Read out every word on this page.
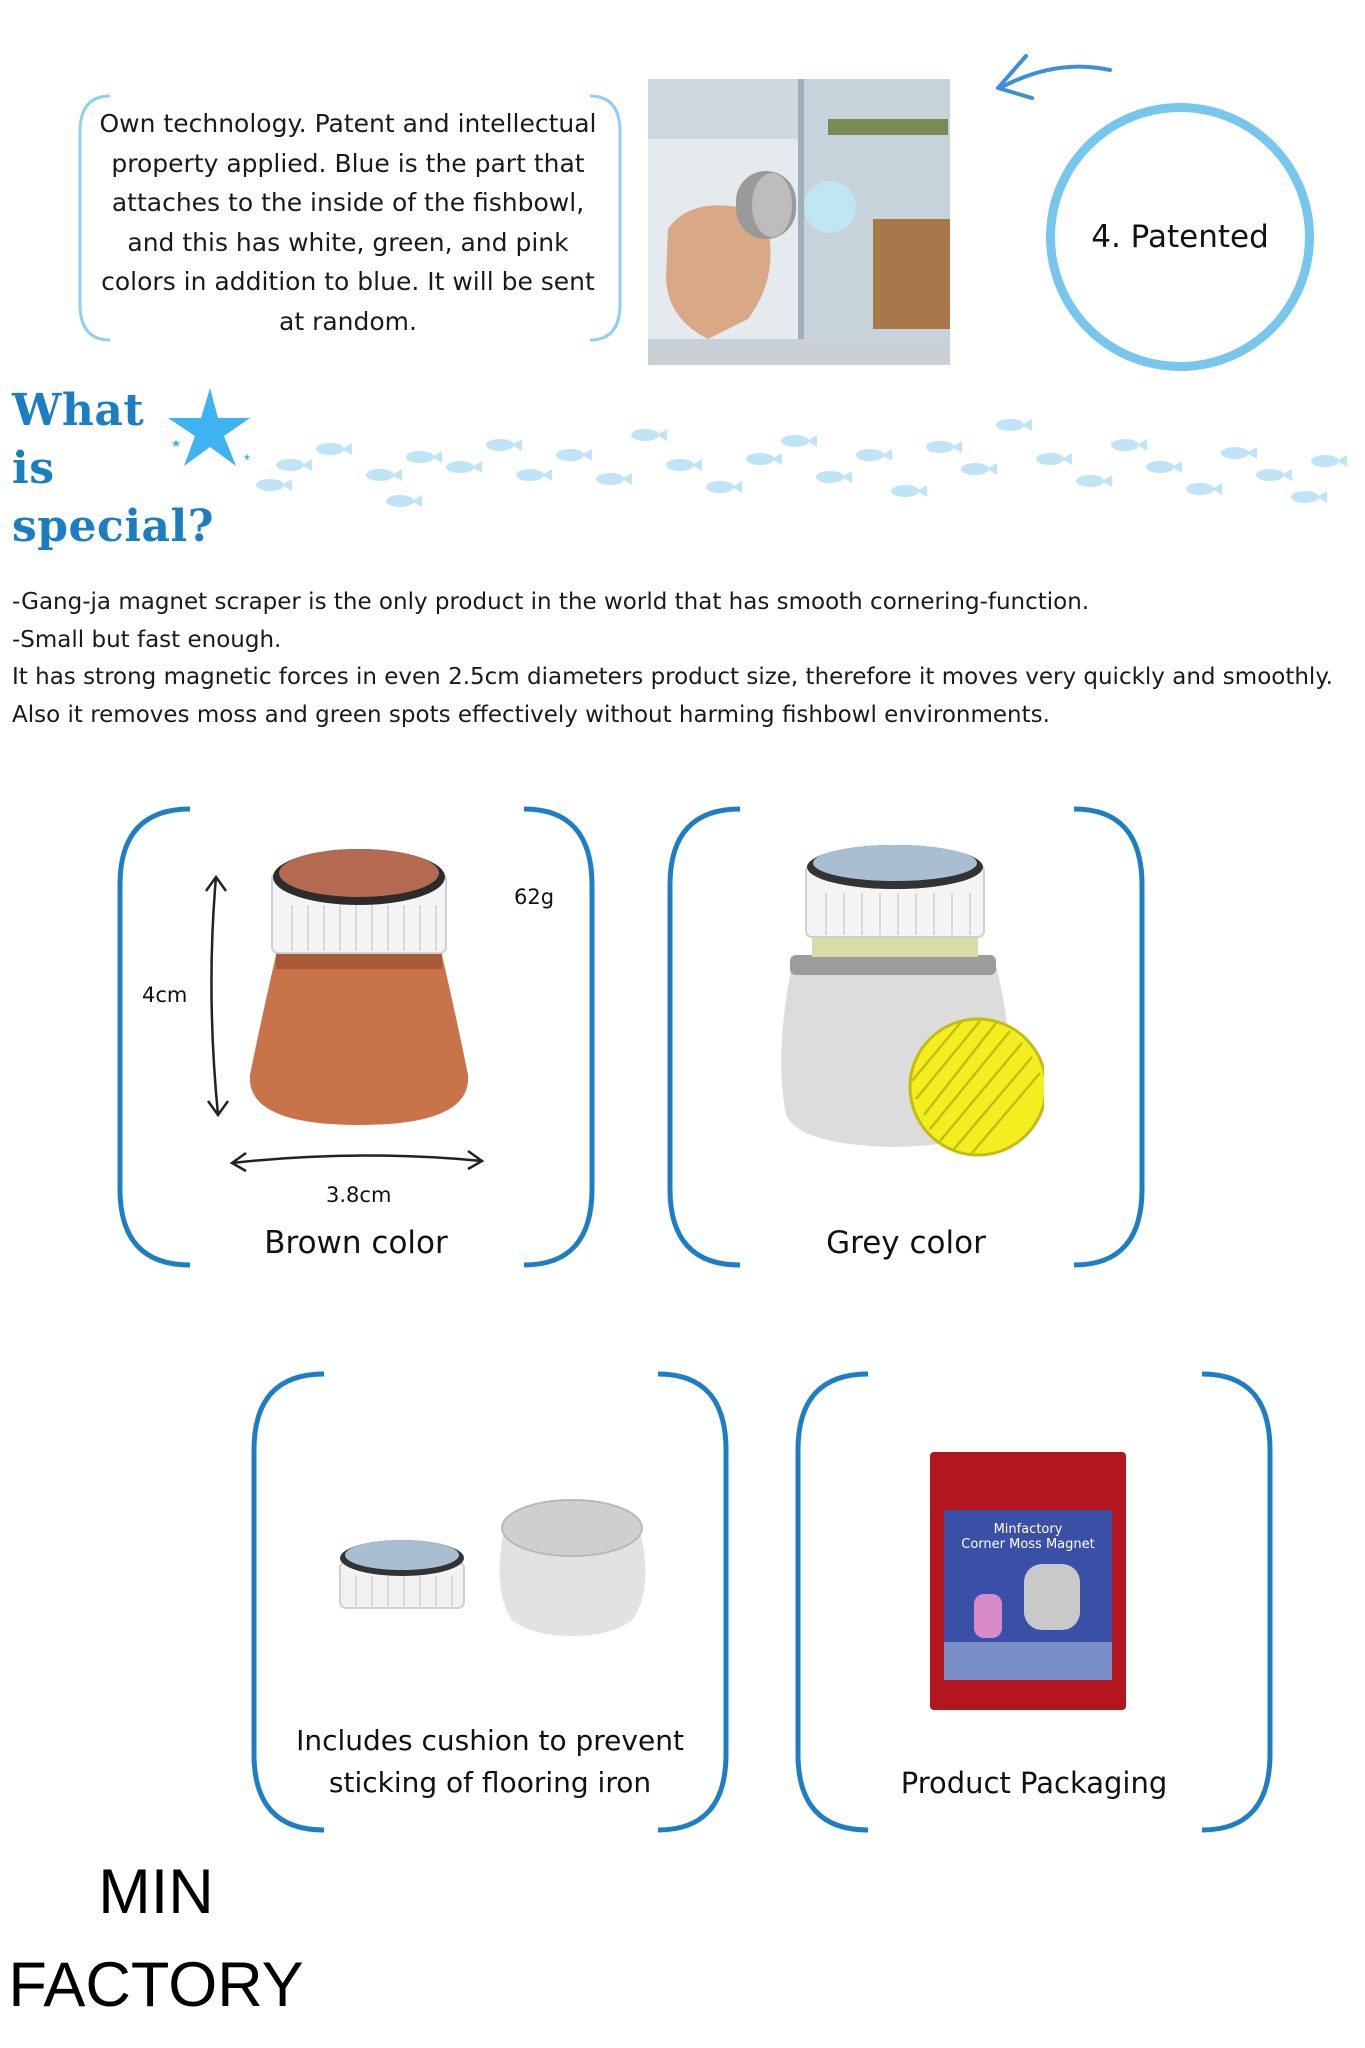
Own technology. Patent and intellectual property applied. Blue is the part that attaches to the inside of the fishbowl, and this has white, green, and pink colors in addition to blue. It will be sent at random.
4. Patented
What
is
special?

-Gang-ja magnet scraper is the only product in the world that has smooth cornering-function.

-Small but fast enough.

It has strong magnetic forces in even 2.5cm diameters product size, therefore it moves very quickly and smoothly.

Also it removes moss and green spots effectively without harming fishbowl environments.

62g
4cm
3.8cm
Brown color	Grey color
Includes cushion to prevent
sticking of flooring iron
Minfactory
Corner Moss Magnet
Product Packaging
MIN
FACTORY
